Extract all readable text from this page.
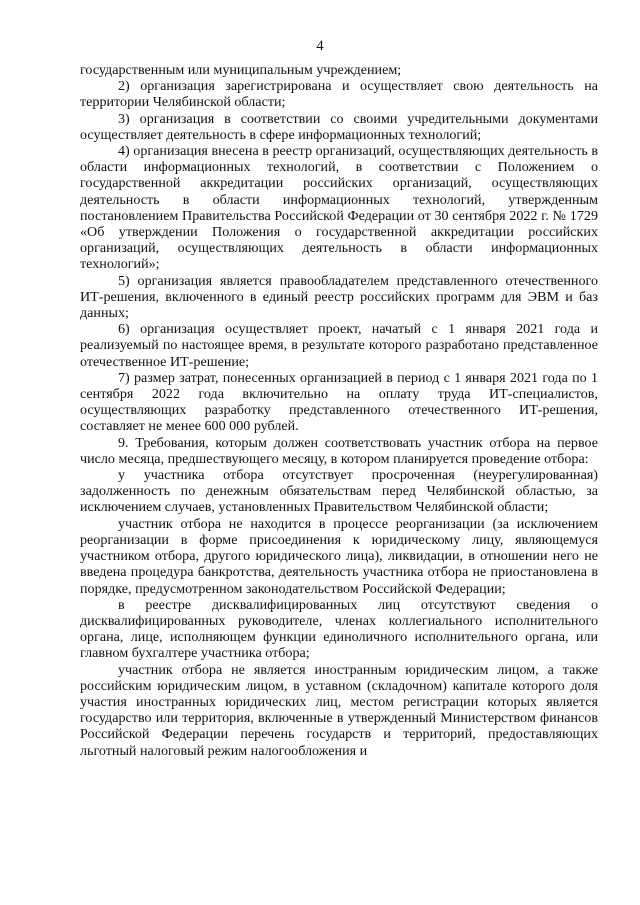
4

государственным или муниципальным учреждением;

2) организация зарегистрирована и осуществляет свою деятельность на территории Челябинской области;

3) организация в соответствии со своими учредительными документами осуществляет деятельность в сфере информационных технологий;

4) организация внесена в реестр организаций, осуществляющих деятельность в области информационных технологий, в соответствии с Положением о государственной аккредитации российских организаций, осуществляющих деятельность в области информационных технологий, утвержденным постановлением Правительства Российской Федерации от 30 сентября 2022 г. № 1729 «Об утверждении Положения о государственной аккредитации российских организаций, осуществляющих деятельность в области информационных технологий»;

5) организация является правообладателем представленного отечественного ИТ-решения, включенного в единый реестр российских программ для ЭВМ и баз данных;

6) организация осуществляет проект, начатый с 1 января 2021 года и реализуемый по настоящее время, в результате которого разработано представленное отечественное ИТ-решение;

7) размер затрат, понесенных организацией в период с 1 января 2021 года по 1 сентября 2022 года включительно на оплату труда ИТ-специалистов, осуществляющих разработку представленного отечественного ИТ-решения, составляет не менее 600 000 рублей.

9. Требования, которым должен соответствовать участник отбора на первое число месяца, предшествующего месяцу, в котором планируется проведение отбора:

у участника отбора отсутствует просроченная (неурегулированная) задолженность по денежным обязательствам перед Челябинской областью, за исключением случаев, установленных Правительством Челябинской области;

участник отбора не находится в процессе реорганизации (за исключением реорганизации в форме присоединения к юридическому лицу, являющемуся участником отбора, другого юридического лица), ликвидации, в отношении него не введена процедура банкротства, деятельность участника отбора не приостановлена в порядке, предусмотренном законодательством Российской Федерации;

в реестре дисквалифицированных лиц отсутствуют сведения о дисквалифицированных руководителе, членах коллегиального исполнительного органа, лице, исполняющем функции единоличного исполнительного органа, или главном бухгалтере участника отбора;

участник отбора не является иностранным юридическим лицом, а также российским юридическим лицом, в уставном (складочном) капитале которого доля участия иностранных юридических лиц, местом регистрации которых является государство или территория, включенные в утвержденный Министерством финансов Российской Федерации перечень государств и территорий, предоставляющих льготный налоговый режим налогообложения и
